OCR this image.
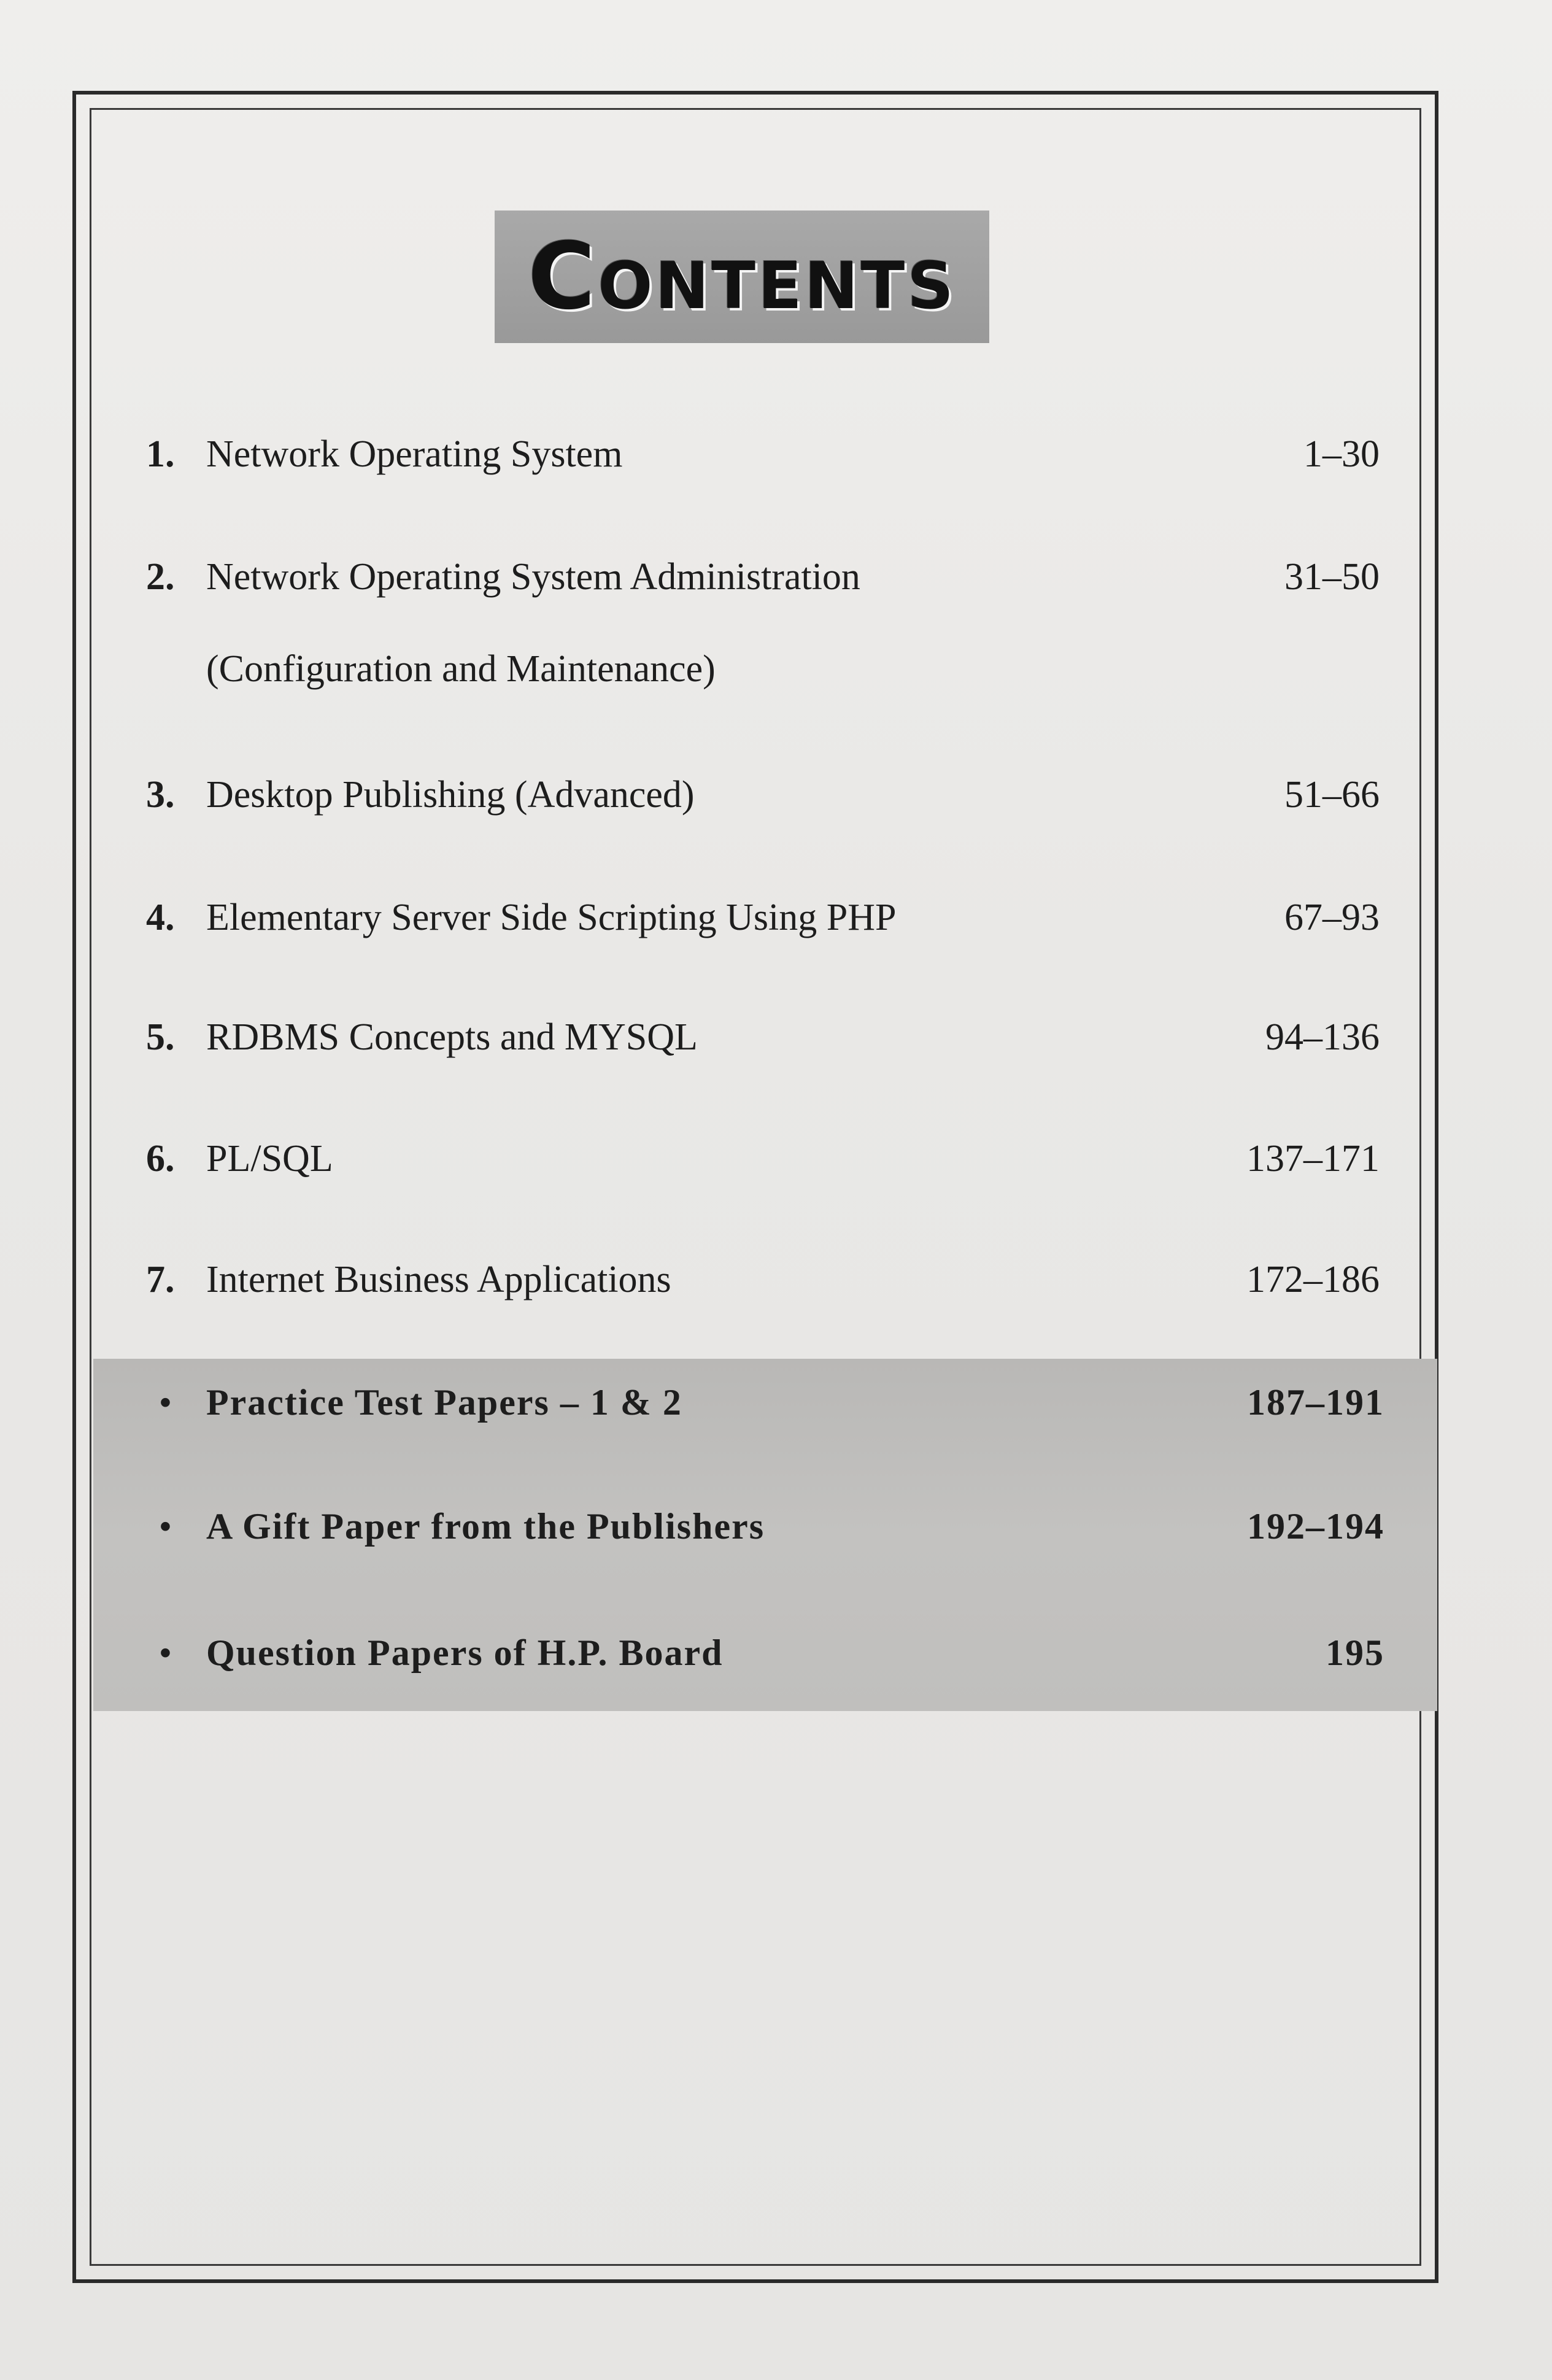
Contents
1. Network Operating System	1–30
2. Network Operating System Administration	31–50
(Configuration and Maintenance)
3. Desktop Publishing (Advanced)	51–66
4. Elementary Server Side Scripting Using PHP	67–93
5. RDBMS Concepts and MYSQL	94–136
6. PL/SQL	137–171
7. Internet Business Applications	172–186
• Practice Test Papers – 1 & 2	187–191
• A Gift Paper from the Publishers	192–194
• Question Papers of H.P. Board	195
